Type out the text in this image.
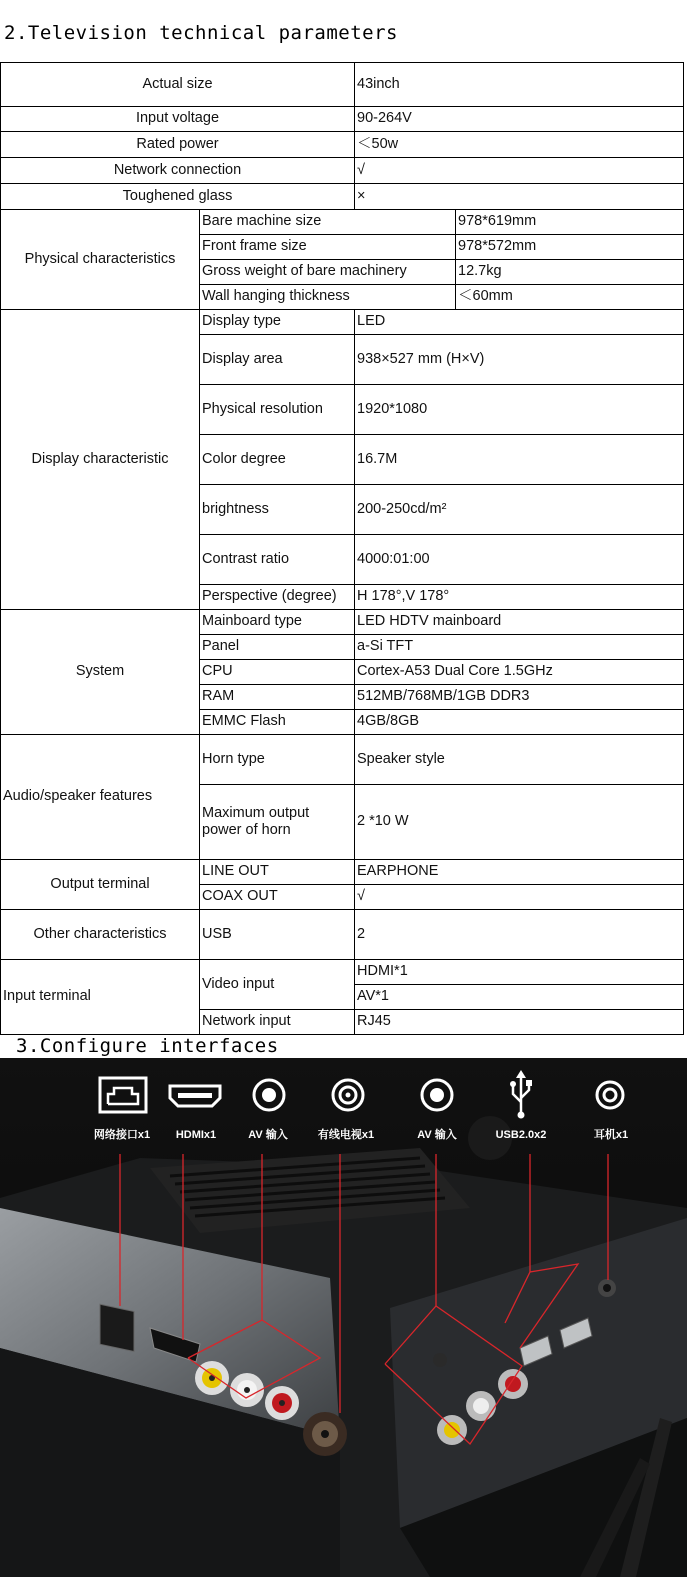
2.Television technical parameters
Actual size		43inch	
Input voltage		90-264V	
Rated power		＜50w	
Network connection		√	
Toughened glass		×	
Physical characteristics	Bare machine size		978*619mm
	Front frame size		978*572mm
	Gross weight of bare machinery		12.7kg
	Wall hanging thickness		＜60mm
Display characteristic	Display type	LED	
	Display area	938×527 mm (H×V)	
	Physical resolution	1920*1080	
	Color degree	16.7M	
	brightness	200-250cd/m²	
	Contrast ratio	4000:01:00	
	Perspective (degree)	H 178°,V 178°	
System	Mainboard type	LED HDTV mainboard	
	Panel	a-Si TFT	
	CPU	Cortex-A53 Dual Core 1.5GHz	
	RAM	512MB/768MB/1GB DDR3	
	EMMC Flash	4GB/8GB	
Audio/speaker features	Horn type	Speaker style	
	Maximum output
power of horn	2 *10 W	
Output terminal	LINE OUT	EARPHONE	
	COAX OUT	√	
Other characteristics	USB	2	
Input terminal	Video input	HDMI*1	
		AV*1	
	Network input	RJ45	
3.Configure interfaces
网络接口x1 HDMIx1	AV 输入	有线电视x1	AV 输入	USB2.0x2	耳机x1
